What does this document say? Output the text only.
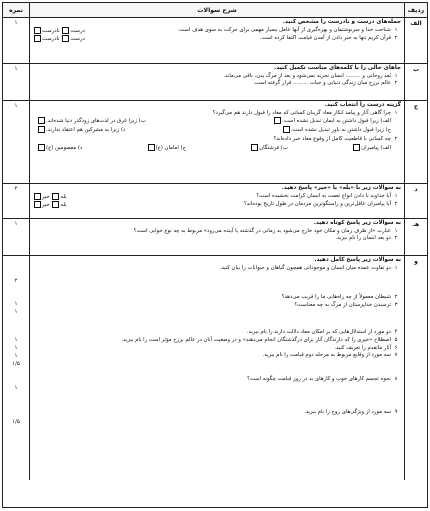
ردیف
شرح سوالات
نمره
الف
جمله‌های درست و نادرست را مشخص کنید.
۱
شناخت خدا و سرنوشتمان و بهره‌گیری از آنها عامل بسیار مهمی برای حرکت به سوی هدف است.
درست نادرست
۲
قرآن کریم تنها به خبر دادن از آمدن قیامت اکتفا کرده است.
درست نادرست
۱
ب
جاهای خالی را با کلمه‌های مناسب تکمیل کنید.
۱
بُعد روحانی و ......... انسان تجزیه نمی‌شود و بعد از مرگ بدن، باقی می‌ماند.
۲
عالم برزخ میان زندگی دنیایی و حیات ......... قرار گرفته است.
۱
ج
گزینه درست را انتخاب کنید.
۱
چرا گاهی آثار و پیامد انکار معاد گریبان کسانی که معاد را قبول دارند هم می‌گیرد؟
الف) زیرا قبول داشتن به ایمان تبدیل نشده است.
ب) زیرا غرق در لذت‌های زودگذر دنیا شده‌اند.
ج) زیرا قبول داشتن به باور تبدیل نشده است.
د) زیرا به مشرکین هم اعتقاد ندارند.
۲
چه کسانی با قاطعیت کامل از وقوع معاد خبر داده‌اند؟
الف) پیامبران
ب) فرشتگان
ج) امامان (ع)
د) معصومین (ع)
۱
د
به سوالات زیر با «بله» یا «خیر» پاسخ دهید.
۱
آیا خداوند با دادن انواع نعمت به انسان کرامت بخشیده است؟
بله خیر
۲
آیا پیامبران عاقل‌ترین و راستگوترین مردمان در طول تاریخ بوده‌اند؟
بله خیر
۲
هـ
به سوالات زیر پاسخ کوتاه دهید.
۱
عبارت «از ظرف زمان و مکان خود خارج می‌شود به زمانی در گذشته یا آینده می‌رود» مربوط به چه نوع خوابی است؟
۲
دو بعد انسان را نام ببرید.
۱
و
به سوالات زیر پاسخ کامل دهید.
۱
دو تفاوت عمده میان انسان و موجوداتی همچون گیاهان و حیوانات را بیان کنید.
۲
شیطان معمولاً از چه راه‌هایی ما را فریب می‌دهد؟
۳
ترسیدن خداپرستان از مرگ به چه معناست؟
۴
دو مورد از استدلال‌هایی که بر امکان معاد دلالت دارند را نام ببرید.
۵
اصطلاح «خیری را که دارندگان آثار برای درگذشتگان انجام می‌دهند» و در وضعیت آنان در عالم برزخ مؤثر است را نام ببرید.
۶
آثار ماتقدم را تعریف کنید.
۷
سه مورد از وقایع مربوط به مرحله دوم قیامت را نام ببرید.
۸
نحوه تجسم کارهای خوب و کارهای بد در روز قیامت چگونه است؟
۹
سه مورد از ویژگی‌های روح را نام ببرید.
۲
۱
۱
۱
۱
۱
۱/۵
۱
۱/۵
